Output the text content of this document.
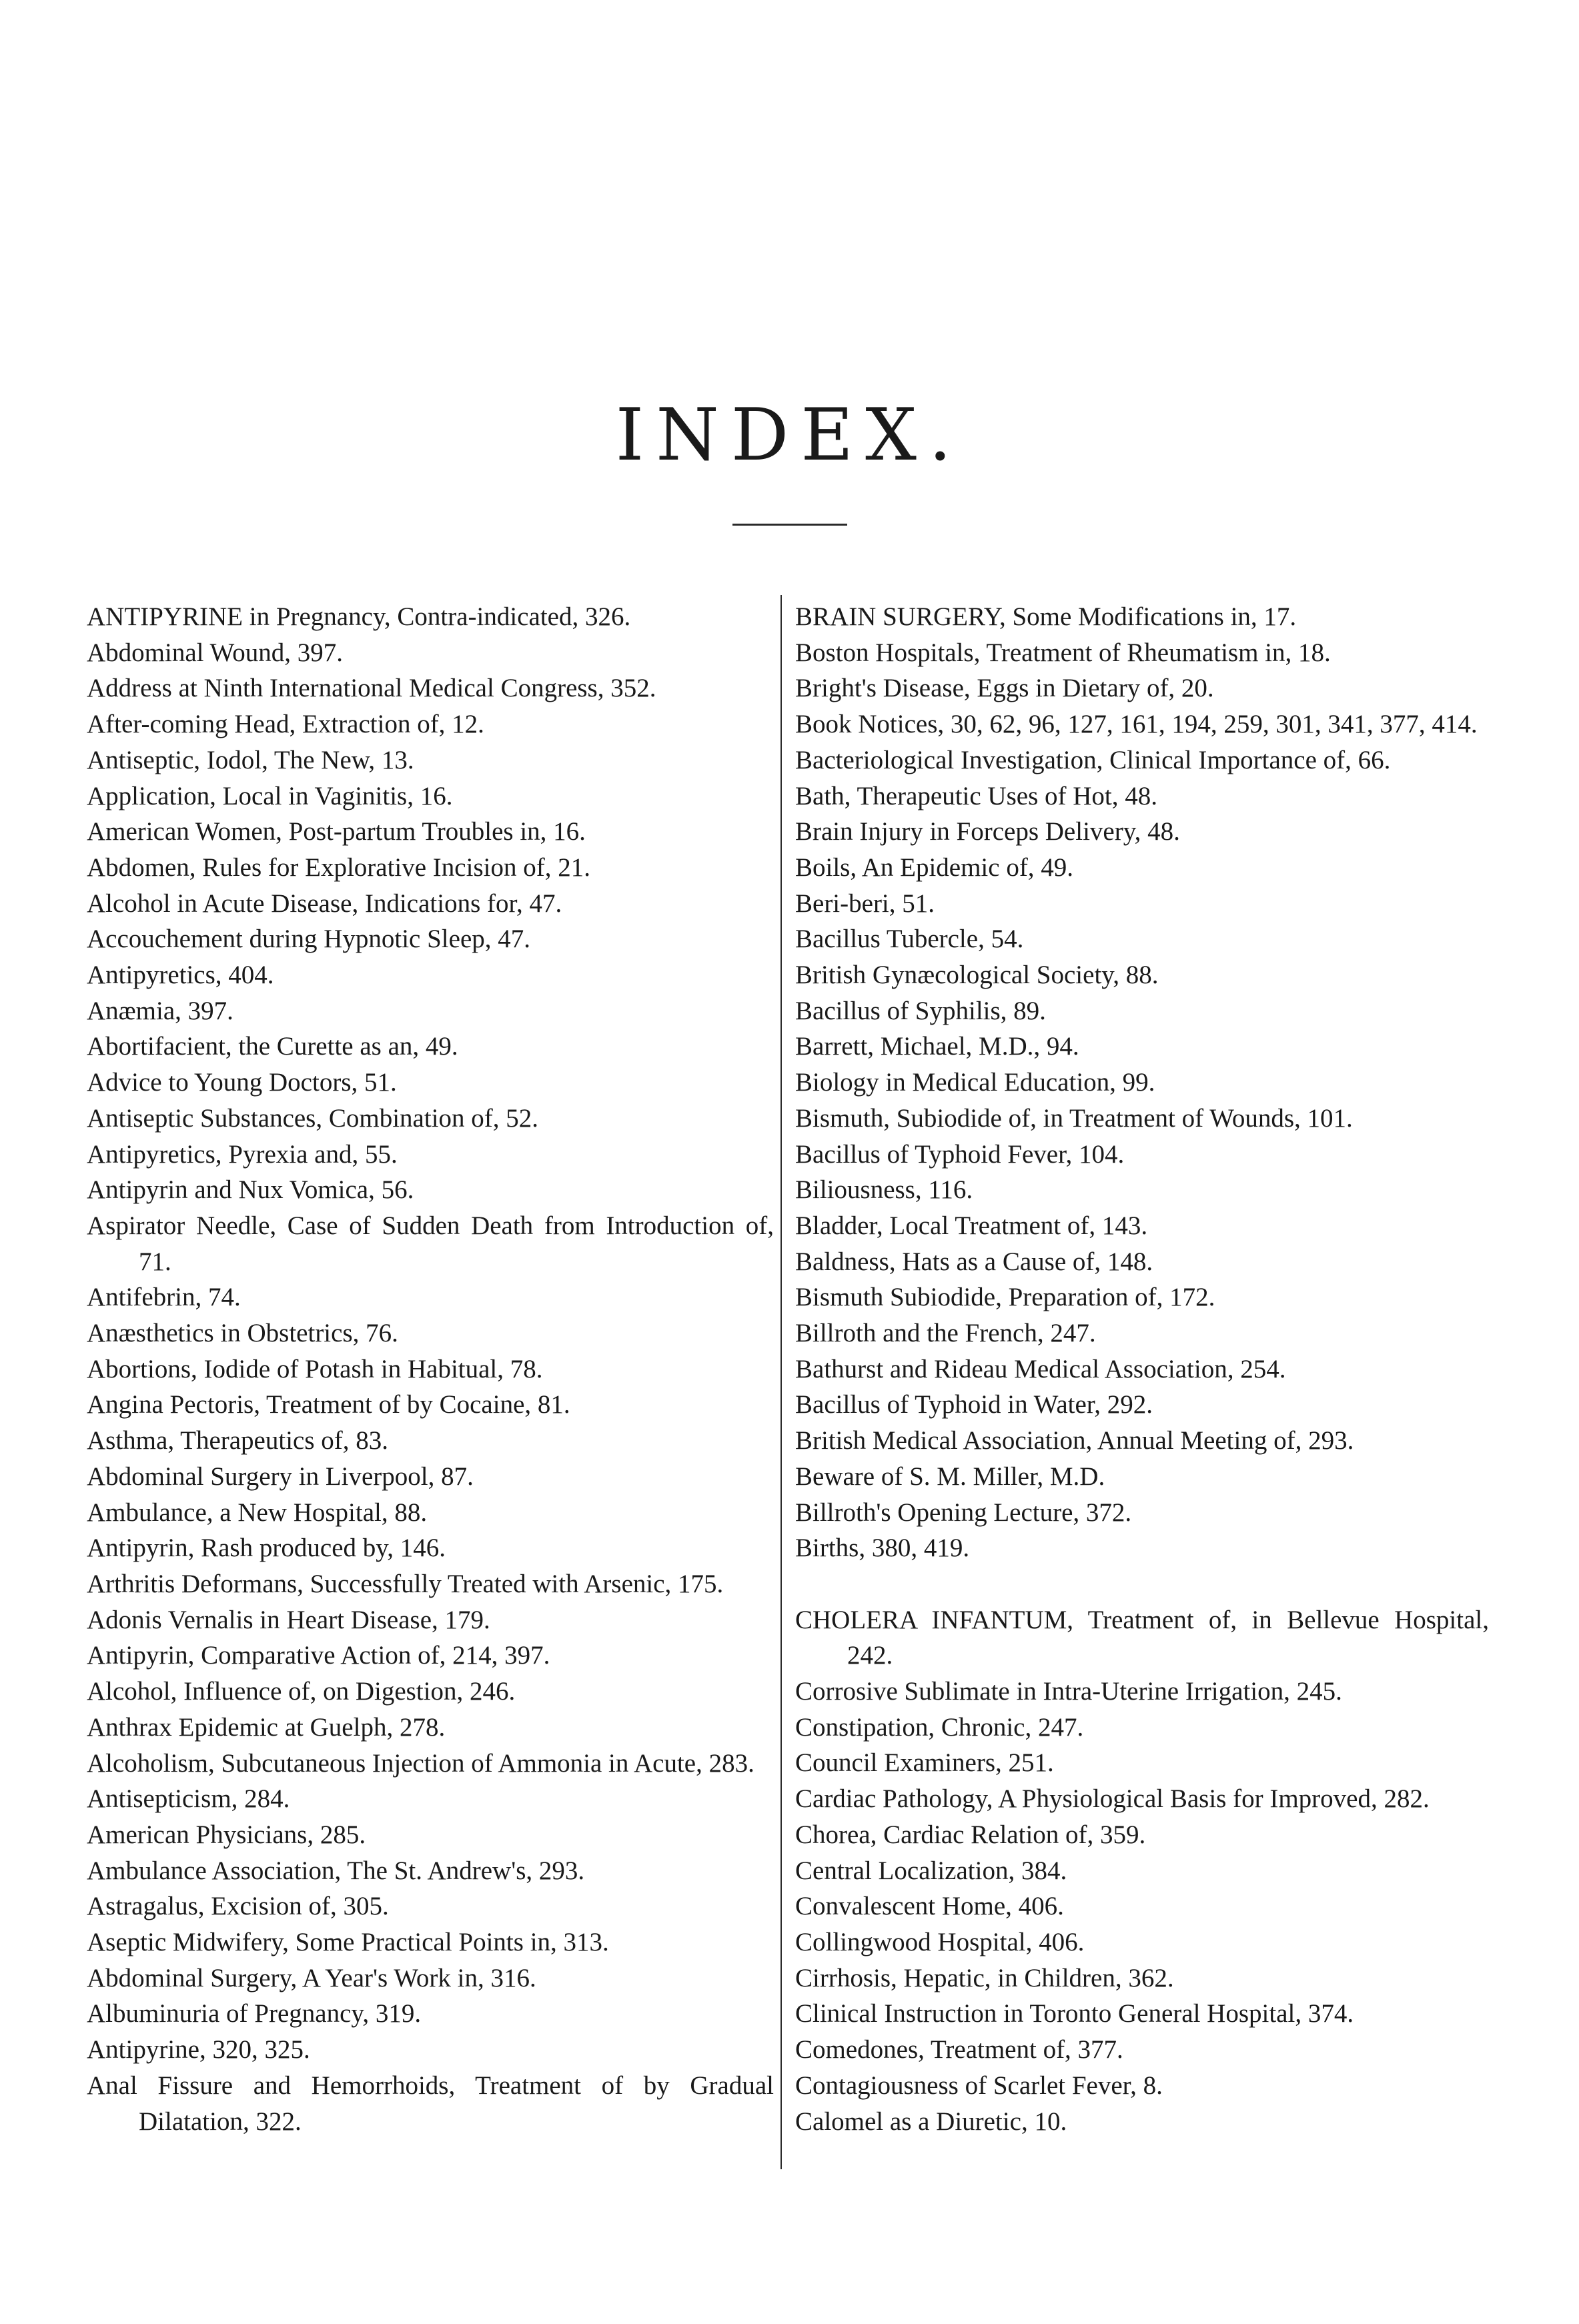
INDEX.
ANTIPYRINE in Pregnancy, Contra-indicated, 326.
Abdominal Wound, 397.
Address at Ninth International Medical Congress, 352.
After-coming Head, Extraction of, 12.
Antiseptic, Iodol, The New, 13.
Application, Local in Vaginitis, 16.
American Women, Post-partum Troubles in, 16.
Abdomen, Rules for Explorative Incision of, 21.
Alcohol in Acute Disease, Indications for, 47.
Accouchement during Hypnotic Sleep, 47.
Antipyretics, 404.
Anæmia, 397.
Abortifacient, the Curette as an, 49.
Advice to Young Doctors, 51.
Antiseptic Substances, Combination of, 52.
Antipyretics, Pyrexia and, 55.
Antipyrin and Nux Vomica, 56.
Aspirator Needle, Case of Sudden Death from Introduction of, 71.
Antifebrin, 74.
Anæsthetics in Obstetrics, 76.
Abortions, Iodide of Potash in Habitual, 78.
Angina Pectoris, Treatment of by Cocaine, 81.
Asthma, Therapeutics of, 83.
Abdominal Surgery in Liverpool, 87.
Ambulance, a New Hospital, 88.
Antipyrin, Rash produced by, 146.
Arthritis Deformans, Successfully Treated with Arsenic, 175.
Adonis Vernalis in Heart Disease, 179.
Antipyrin, Comparative Action of, 214, 397.
Alcohol, Influence of, on Digestion, 246.
Anthrax Epidemic at Guelph, 278.
Alcoholism, Subcutaneous Injection of Ammonia in Acute, 283.
Antisepticism, 284.
American Physicians, 285.
Ambulance Association, The St. Andrew's, 293.
Astragalus, Excision of, 305.
Aseptic Midwifery, Some Practical Points in, 313.
Abdominal Surgery, A Year's Work in, 316.
Albuminuria of Pregnancy, 319.
Antipyrine, 320, 325.
Anal Fissure and Hemorrhoids, Treatment of by Gradual Dilatation, 322.
BRAIN SURGERY, Some Modifications in, 17.
Boston Hospitals, Treatment of Rheumatism in, 18.
Bright's Disease, Eggs in Dietary of, 20.
Book Notices, 30, 62, 96, 127, 161, 194, 259, 301, 341, 377, 414.
Bacteriological Investigation, Clinical Importance of, 66.
Bath, Therapeutic Uses of Hot, 48.
Brain Injury in Forceps Delivery, 48.
Boils, An Epidemic of, 49.
Beri-beri, 51.
Bacillus Tubercle, 54.
British Gynæcological Society, 88.
Bacillus of Syphilis, 89.
Barrett, Michael, M.D., 94.
Biology in Medical Education, 99.
Bismuth, Subiodide of, in Treatment of Wounds, 101.
Bacillus of Typhoid Fever, 104.
Biliousness, 116.
Bladder, Local Treatment of, 143.
Baldness, Hats as a Cause of, 148.
Bismuth Subiodide, Preparation of, 172.
Billroth and the French, 247.
Bathurst and Rideau Medical Association, 254.
Bacillus of Typhoid in Water, 292.
British Medical Association, Annual Meeting of, 293.
Beware of S. M. Miller, M.D.
Billroth's Opening Lecture, 372.
Births, 380, 419.
CHOLERA INFANTUM, Treatment of, in Bellevue Hospital, 242.
Corrosive Sublimate in Intra-Uterine Irrigation, 245.
Constipation, Chronic, 247.
Council Examiners, 251.
Cardiac Pathology, A Physiological Basis for Improved, 282.
Chorea, Cardiac Relation of, 359.
Central Localization, 384.
Convalescent Home, 406.
Collingwood Hospital, 406.
Cirrhosis, Hepatic, in Children, 362.
Clinical Instruction in Toronto General Hospital, 374.
Comedones, Treatment of, 377.
Contagiousness of Scarlet Fever, 8.
Calomel as a Diuretic, 10.
